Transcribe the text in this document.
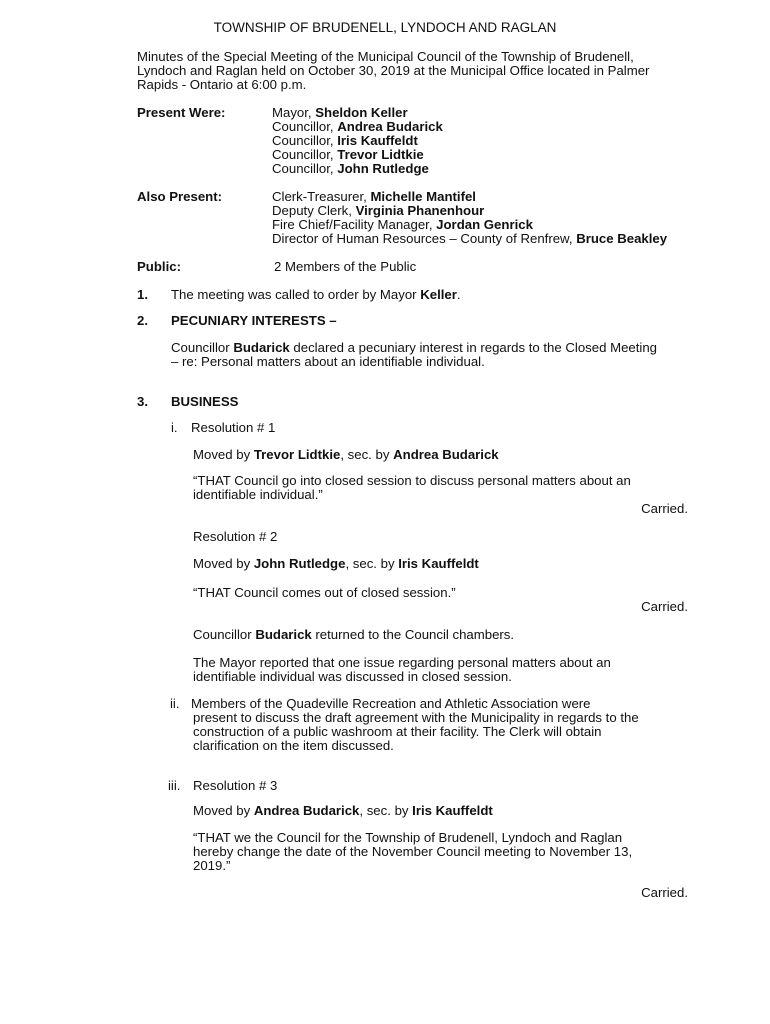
TOWNSHIP OF BRUDENELL, LYNDOCH AND RAGLAN
Minutes of the Special Meeting of the Municipal Council of the Township of Brudenell,
Lyndoch and Raglan held on October 30, 2019 at the Municipal Office located in Palmer
Rapids - Ontario at 6:00 p.m.
Present Were:	Mayor, Sheldon Keller
Councillor, Andrea Budarick
Councillor, Iris Kauffeldt
Councillor, Trevor Lidtkie
Councillor, John Rutledge
Also Present:	Clerk-Treasurer, Michelle Mantifel
Deputy Clerk, Virginia Phanenhour
Fire Chief/Facility Manager, Jordan Genrick
Director of Human Resources – County of Renfrew, Bruce Beakley
Public:	2 Members of the Public
1. The meeting was called to order by Mayor Keller.
2. PECUNIARY INTERESTS –
Councillor Budarick declared a pecuniary interest in regards to the Closed Meeting
– re: Personal matters about an identifiable individual.
3. BUSINESS
i. Resolution # 1
Moved by Trevor Lidtkie, sec. by Andrea Budarick
“THAT Council go into closed session to discuss personal matters about an
identifiable individual.”
Carried.
Resolution # 2
Moved by John Rutledge, sec. by Iris Kauffeldt
“THAT Council comes out of closed session.”
Carried.
Councillor Budarick returned to the Council chambers.
The Mayor reported that one issue regarding personal matters about an
identifiable individual was discussed in closed session.
ii. Members of the Quadeville Recreation and Athletic Association were
present to discuss the draft agreement with the Municipality in regards to the
construction of a public washroom at their facility. The Clerk will obtain
clarification on the item discussed.
iii. Resolution # 3
Moved by Andrea Budarick, sec. by Iris Kauffeldt
“THAT we the Council for the Township of Brudenell, Lyndoch and Raglan
hereby change the date of the November Council meeting to November 13,
2019.”
Carried.
